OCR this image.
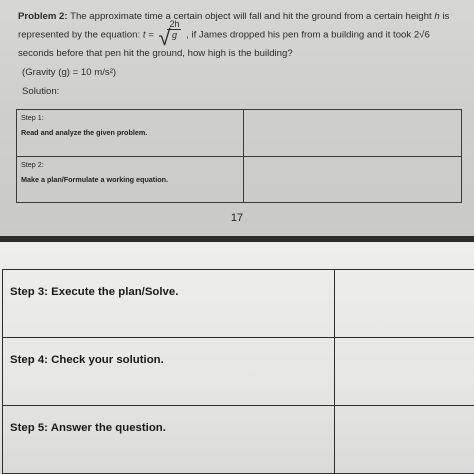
Problem 2: The approximate time a certain object will fall and hit the ground from a certain height h is represented by the equation: t = √
2h
g , if James dropped his pen from a building and it took 2√6 seconds before that pen hit the ground, how high is the building?
(Gravity (g) = 10 m/s²)
Solution:
Step 1:
Read and analyze the given problem.	

Step 2:
Make a plan/Formulate a working equation.	

17
Step 3: Execute the plan/Solve.	
Step 4: Check your solution.	
Step 5: Answer the question.	
